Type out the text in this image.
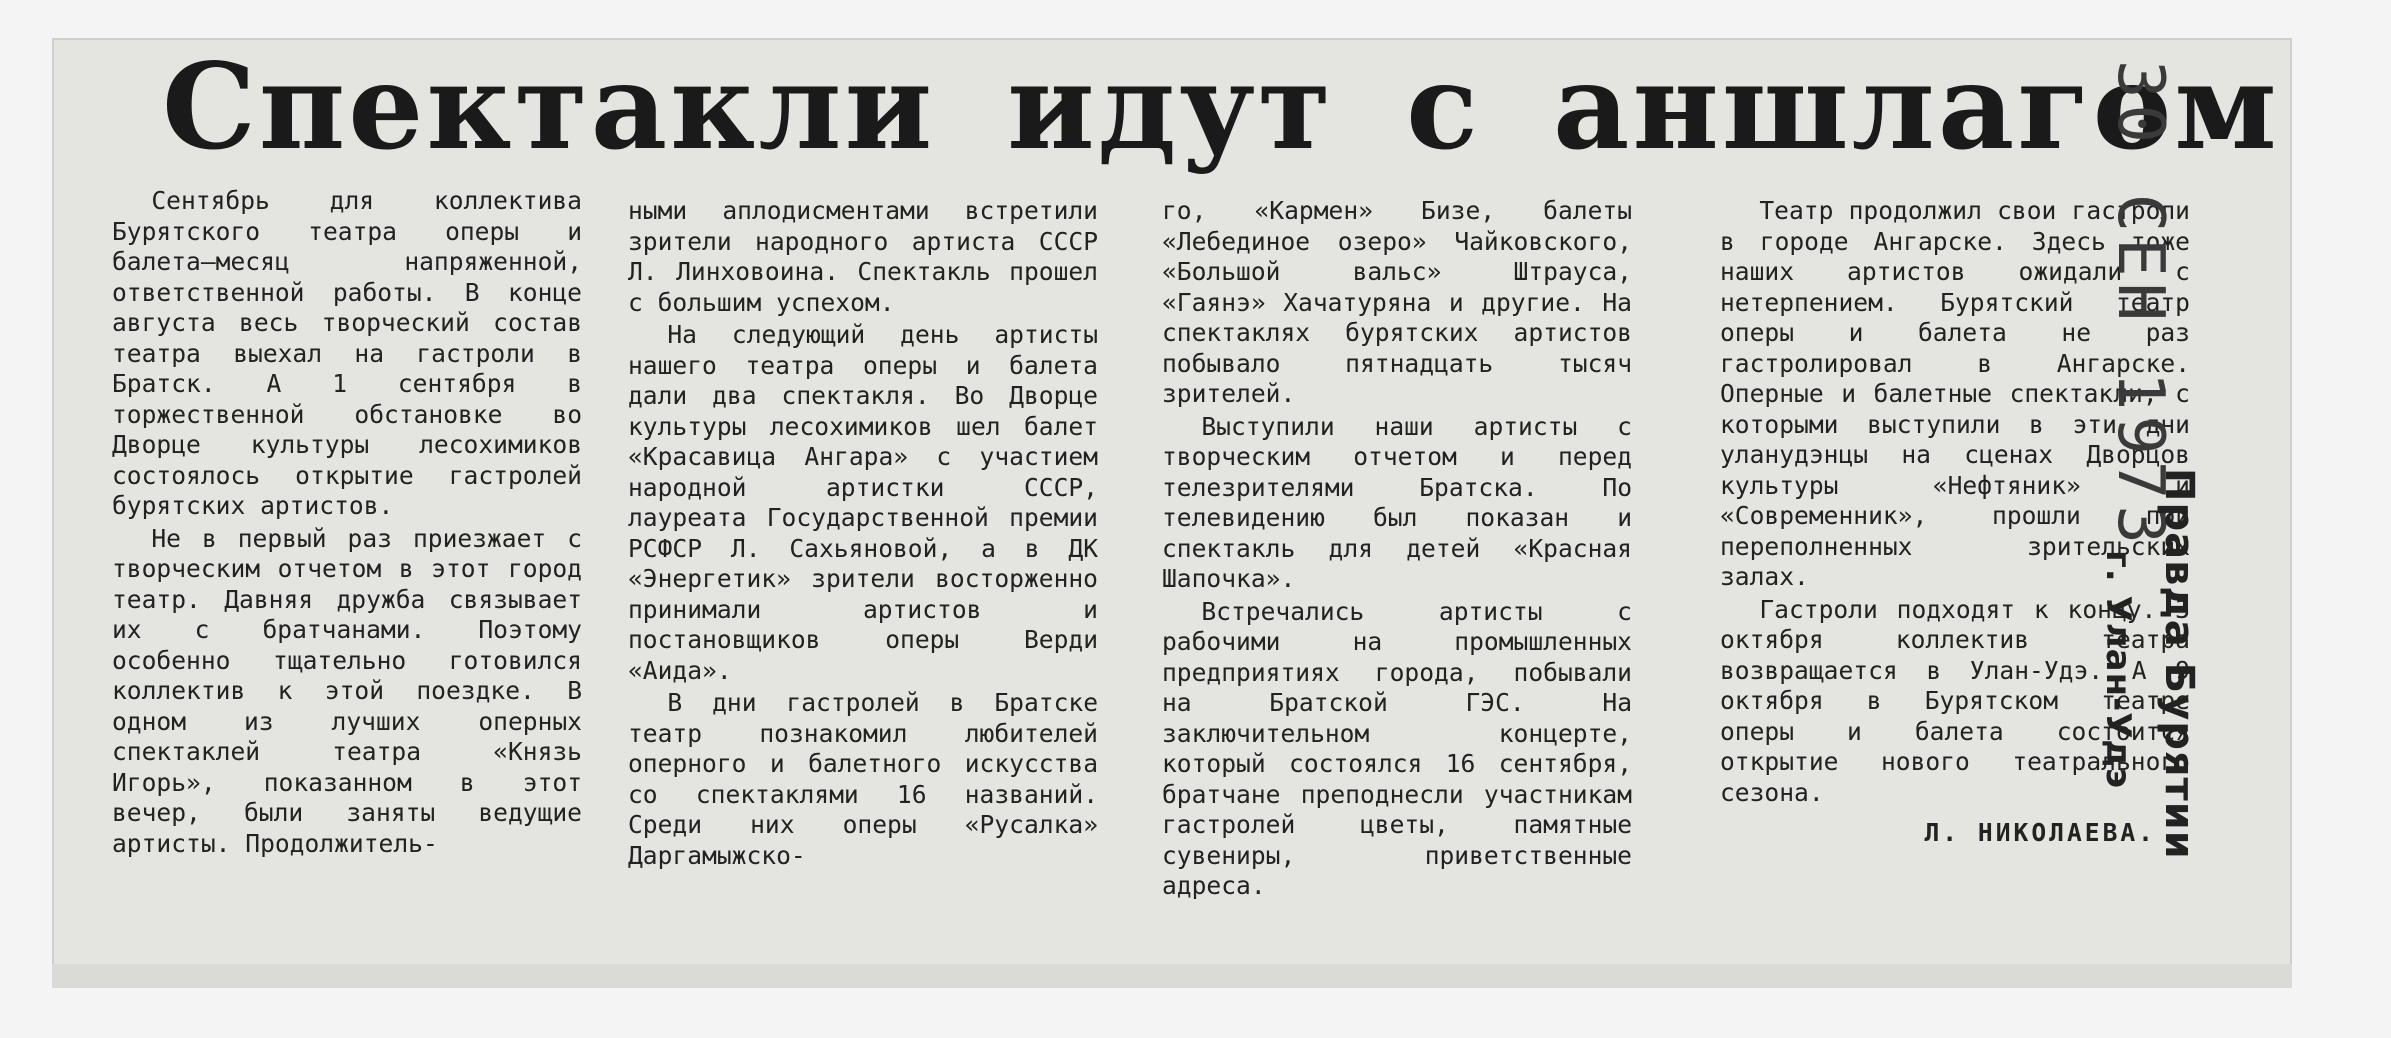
Спектакли идут с аншлагом

Сентябрь для коллектива Бурятского театра оперы и балета—месяц напряженной, ответственной работы. В конце августа весь творческий состав театра выехал на гастроли в Братск. А 1 сентября в торжественной обстановке во Дворце культуры лесохимиков состоялось открытие гастролей бурятских артистов.

Не в первый раз приезжает с творческим отчетом в этот город театр. Давняя дружба связывает их с братчанами. Поэтому особенно тщательно готовился коллектив к этой поездке. В одном из лучших оперных спектаклей театра «Князь Игорь», показанном в этот вечер, были заняты ведущие артисты. Продолжитель-

ными аплодисментами встретили зрители народного артиста СССР Л. Линховоина. Спектакль прошел с большим успехом.

На следующий день артисты нашего театра оперы и балета дали два спектакля. Во Дворце культуры лесохимиков шел балет «Красавица Ангара» с участием народной артистки СССР, лауреата Государственной премии РСФСР Л. Сахьяновой, а в ДК «Энергетик» зрители восторженно принимали артистов и постановщиков оперы Верди «Аида».

В дни гастролей в Братске театр познакомил любителей оперного и балетного искусства со спектаклями 16 названий. Среди них оперы «Русалка» Даргамыжско-

го, «Кармен» Бизе, балеты «Лебединое озеро» Чайковского, «Большой вальс» Штрауса, «Гаянэ» Хачатуряна и другие. На спектаклях бурятских артистов побывало пятнадцать тысяч зрителей.

Выступили наши артисты с творческим отчетом и перед телезрителями Братска. По телевидению был показан и спектакль для детей «Красная Шапочка».

Встречались артисты с рабочими на промышленных предприятиях города, побывали на Братской ГЭС. На заключительном концерте, который состоялся 16 сентября, братчане преподнесли участникам гастролей цветы, памятные сувениры, приветственные адреса.

Театр продолжил свои гастроли в городе Ангарске. Здесь тоже наших артистов ожидали с нетерпением. Бурятский театр оперы и балета не раз гастролировал в Ангарске. Оперные и балетные спектакли, с которыми выступили в эти дни уланудэнцы на сценах Дворцов культуры «Нефтяник» и «Современник», прошли при переполненных зрительских залах.

Гастроли подходят к концу. 3 октября коллектив театра возвращается в Улан-Удэ. А 9 октября в Бурятском театре оперы и балета состоится открытие нового театрального сезона.

Л. НИКОЛАЕВА.
30 СЕН 1973
Правда Бурятии
г. Улан-Удэ
